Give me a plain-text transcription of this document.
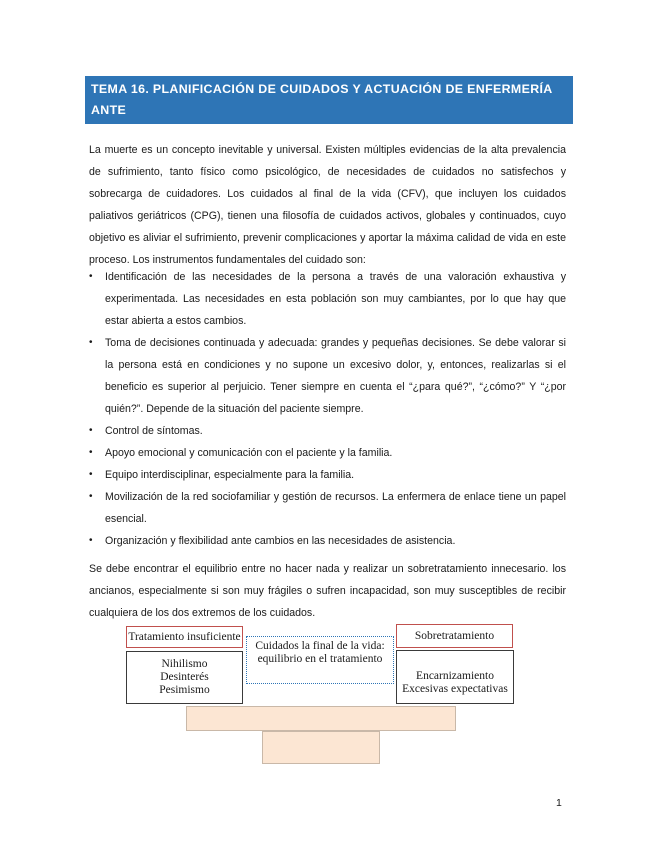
TEMA 16. PLANIFICACIÓN DE CUIDADOS Y ACTUACIÓN DE ENFERMERÍA ANTE
UN ÉXITUS EN UN MAYOR

La muerte es un concepto inevitable y universal. Existen múltiples evidencias de la alta prevalencia de sufrimiento, tanto físico como psicológico, de necesidades de cuidados no satisfechos y sobrecarga de cuidadores. Los cuidados al final de la vida (CFV), que incluyen los cuidados paliativos geriátricos (CPG), tienen una filosofía de cuidados activos, globales y continuados, cuyo objetivo es aliviar el sufrimiento, prevenir complicaciones y aportar la máxima calidad de vida en este proceso. Los instrumentos fundamentales del cuidado son:

• Identificación de las necesidades de la persona a través de una valoración exhaustiva y experimentada. Las necesidades en esta población son muy cambiantes, por lo que hay que estar abierta a estos cambios.
• Toma de decisiones continuada y adecuada: grandes y pequeñas decisiones. Se debe valorar si la persona está en condiciones y no supone un excesivo dolor, y, entonces, realizarlas si el beneficio es superior al perjuicio. Tener siempre en cuenta el “¿para qué?”, “¿cómo?” Y “¿por quién?”. Depende de la situación del paciente siempre.
• Control de síntomas.
• Apoyo emocional y comunicación con el paciente y la familia.
• Equipo interdisciplinar, especialmente para la familia.
• Movilización de la red sociofamiliar y gestión de recursos. La enfermera de enlace tiene un papel esencial.
• Organización y flexibilidad ante cambios en las necesidades de asistencia.

Se debe encontrar el equilibrio entre no hacer nada y realizar un sobretratamiento innecesario. los ancianos, especialmente si son muy frágiles o sufren incapacidad, son muy susceptibles de recibir cualquiera de los dos extremos de los cuidados.

Tratamiento insuficiente
Nihilismo
Desinterés
Pesimismo
Cuidados la final de la vida:
equilibrio en el tratamiento
Sobretratamiento
Encarnizamiento
Excesivas expectativas
1
